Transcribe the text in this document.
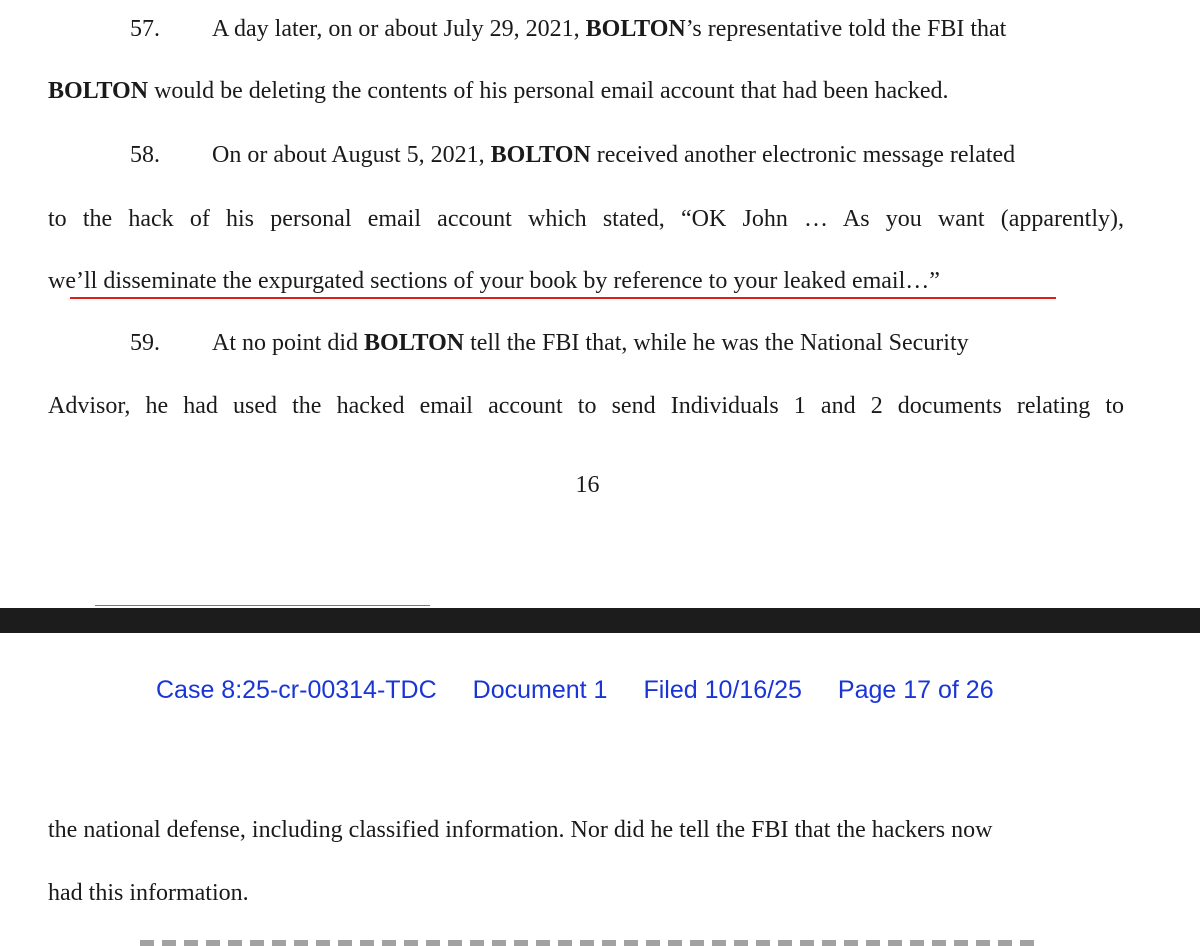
57. A day later, on or about July 29, 2021, BOLTON’s representative told the FBI that
BOLTON would be deleting the contents of his personal email account that had been hacked.
58. On or about August 5, 2021, BOLTON received another electronic message related
to the hack of his personal email account which stated, “OK John … As you want (apparently),
we’ll disseminate the expurgated sections of your book by reference to your leaked email…”
59. At no point did BOLTON tell the FBI that, while he was the National Security
Advisor, he had used the hacked email account to send Individuals 1 and 2 documents relating to
16
Case 8:25-cr-00314-TDC Document 1 Filed 10/16/25 Page 17 of 26
the national defense, including classified information. Nor did he tell the FBI that the hackers now
had this information.
